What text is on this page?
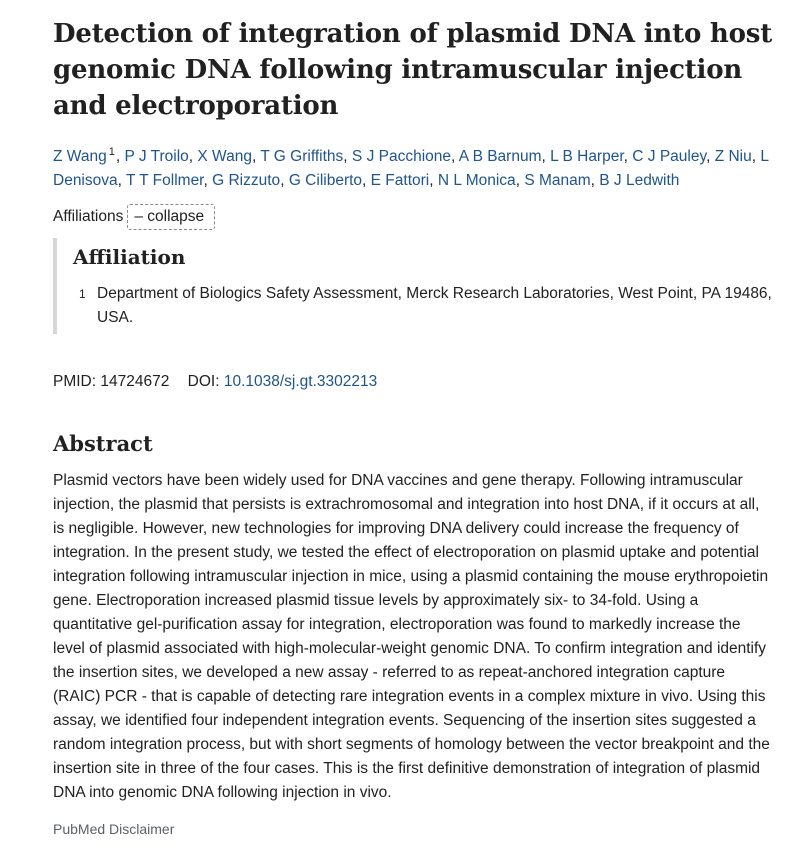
Detection of integration of plasmid DNA into host genomic DNA following intramuscular injection and electroporation
Z Wang $^1$, P J Troilo, X Wang, T G Griffiths, S J Pacchione, A B Barnum, L B Harper, C J Pauley, Z Niu, L Denisova, T T Follmer, G Rizzuto, G Ciliberto, E Fattori, N L Monica, S Manam, B J Ledwith
Affiliations – collapse
Affiliation
1 Department of Biologics Safety Assessment, Merck Research Laboratories, West Point, PA 19486, USA.
PMID: 14724672 DOI: 10.1038/sj.gt.3302213
Abstract

Plasmid vectors have been widely used for DNA vaccines and gene therapy. Following intramuscular injection, the plasmid that persists is extrachromosomal and integration into host DNA, if it occurs at all, is negligible. However, new technologies for improving DNA delivery could increase the frequency of integration. In the present study, we tested the effect of electroporation on plasmid uptake and potential integration following intramuscular injection in mice, using a plasmid containing the mouse erythropoietin gene. Electroporation increased plasmid tissue levels by approximately six- to 34-fold. Using a quantitative gel-purification assay for integration, electroporation was found to markedly increase the level of plasmid associated with high-molecular-weight genomic DNA. To confirm integration and identify the insertion sites, we developed a new assay - referred to as repeat-anchored integration capture (RAIC) PCR - that is capable of detecting rare integration events in a complex mixture in vivo. Using this assay, we identified four independent integration events. Sequencing of the insertion sites suggested a random integration process, but with short segments of homology between the vector breakpoint and the insertion site in three of the four cases. This is the first definitive demonstration of integration of plasmid DNA into genomic DNA following injection in vivo.

PubMed Disclaimer
